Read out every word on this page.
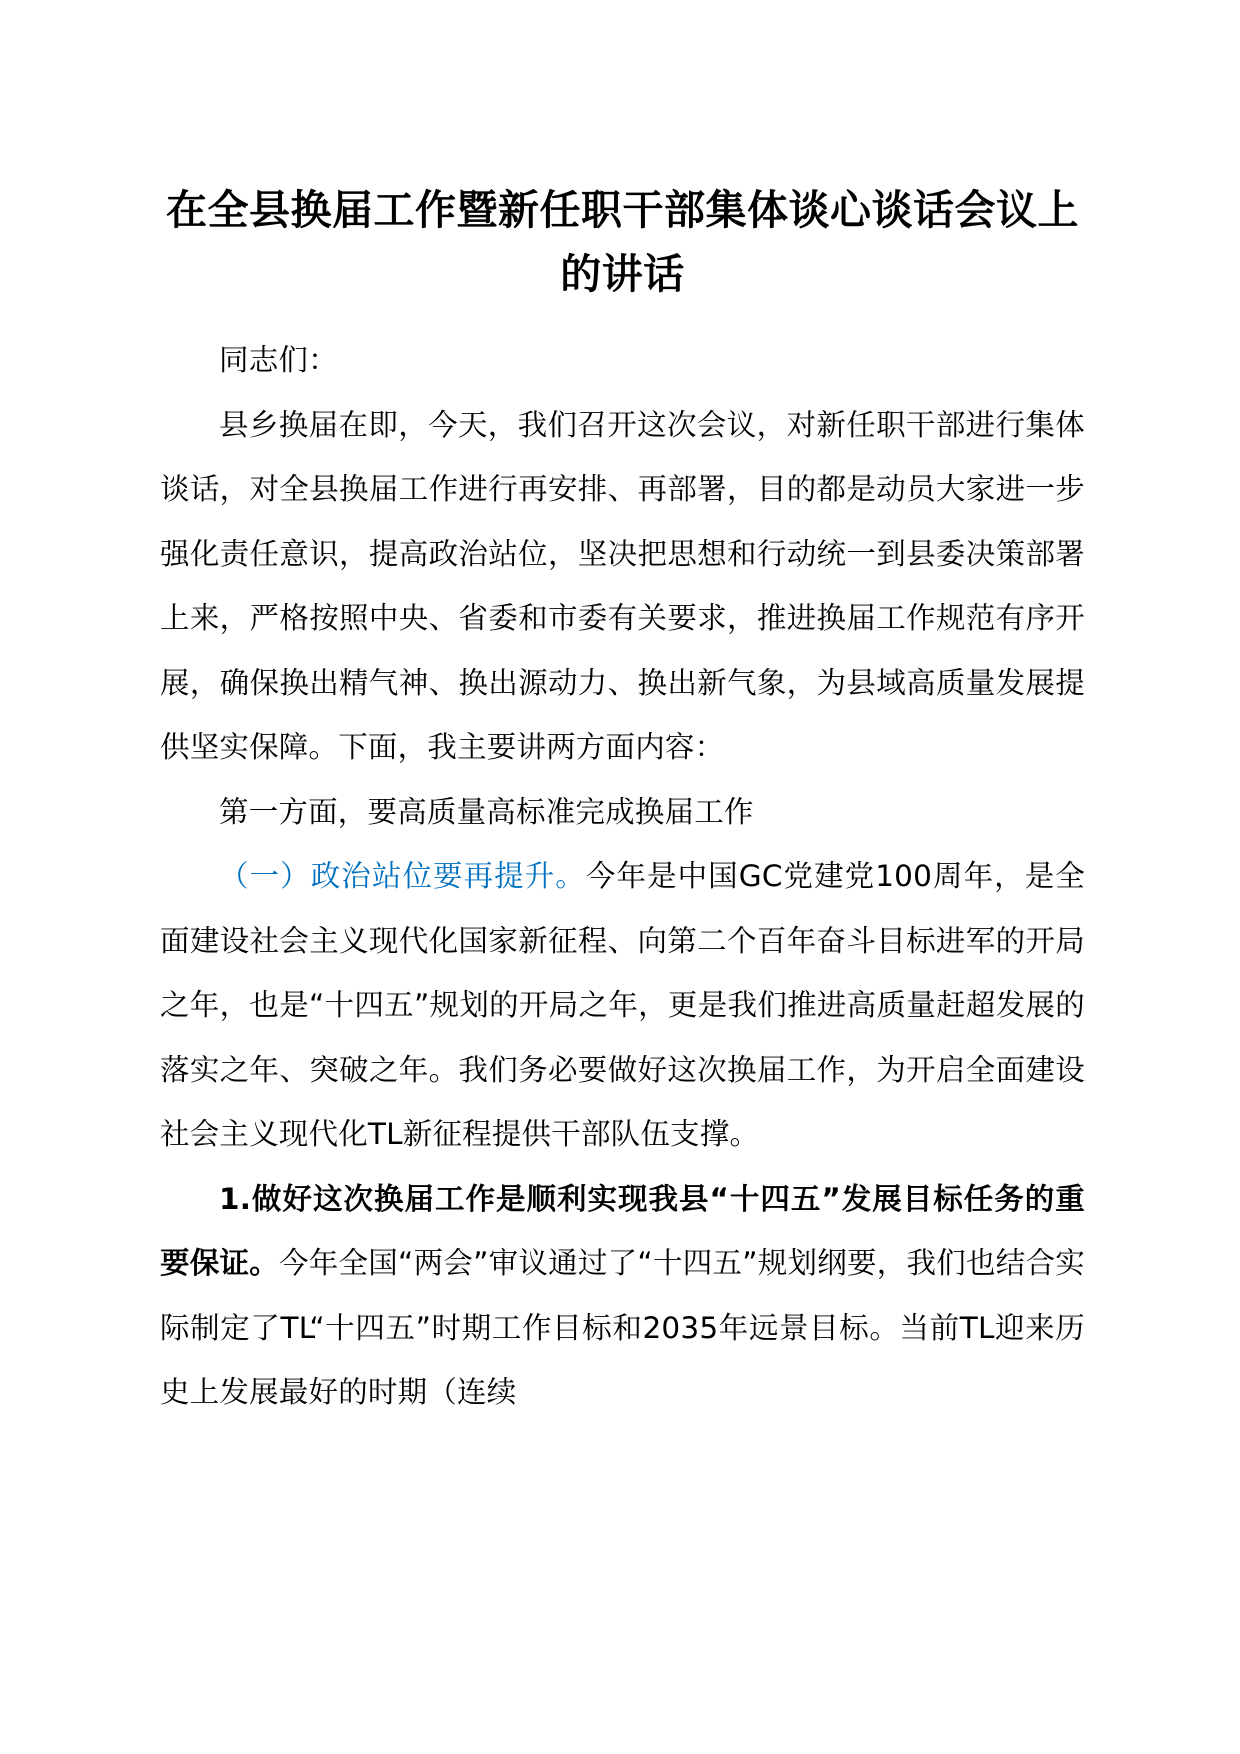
在全县换届工作暨新任职干部集体谈心谈话会议上的讲话

同志们：

县乡换届在即，今天，我们召开这次会议，对新任职干部进行集体谈话，对全县换届工作进行再安排、再部署，目的都是动员大家进一步强化责任意识，提高政治站位，坚决把思想和行动统一到县委决策部署上来，严格按照中央、省委和市委有关要求，推进换届工作规范有序开展，确保换出精气神、换出源动力、换出新气象，为县域高质量发展提供坚实保障。下面，我主要讲两方面内容：

第一方面，要高质量高标准完成换届工作

（一）政治站位要再提升。今年是中国GC党建党100周年，是全面建设社会主义现代化国家新征程、向第二个百年奋斗目标进军的开局之年，也是“十四五”规划的开局之年，更是我们推进高质量赶超发展的落实之年、突破之年。我们务必要做好这次换届工作，为开启全面建设社会主义现代化TL新征程提供干部队伍支撑。

1.做好这次换届工作是顺利实现我县“十四五”发展目标任务的重要保证。今年全国“两会”审议通过了“十四五”规划纲要，我们也结合实际制定了TL“十四五”时期工作目标和2035年远景目标。当前TL迎来历史上发展最好的时期（连续
